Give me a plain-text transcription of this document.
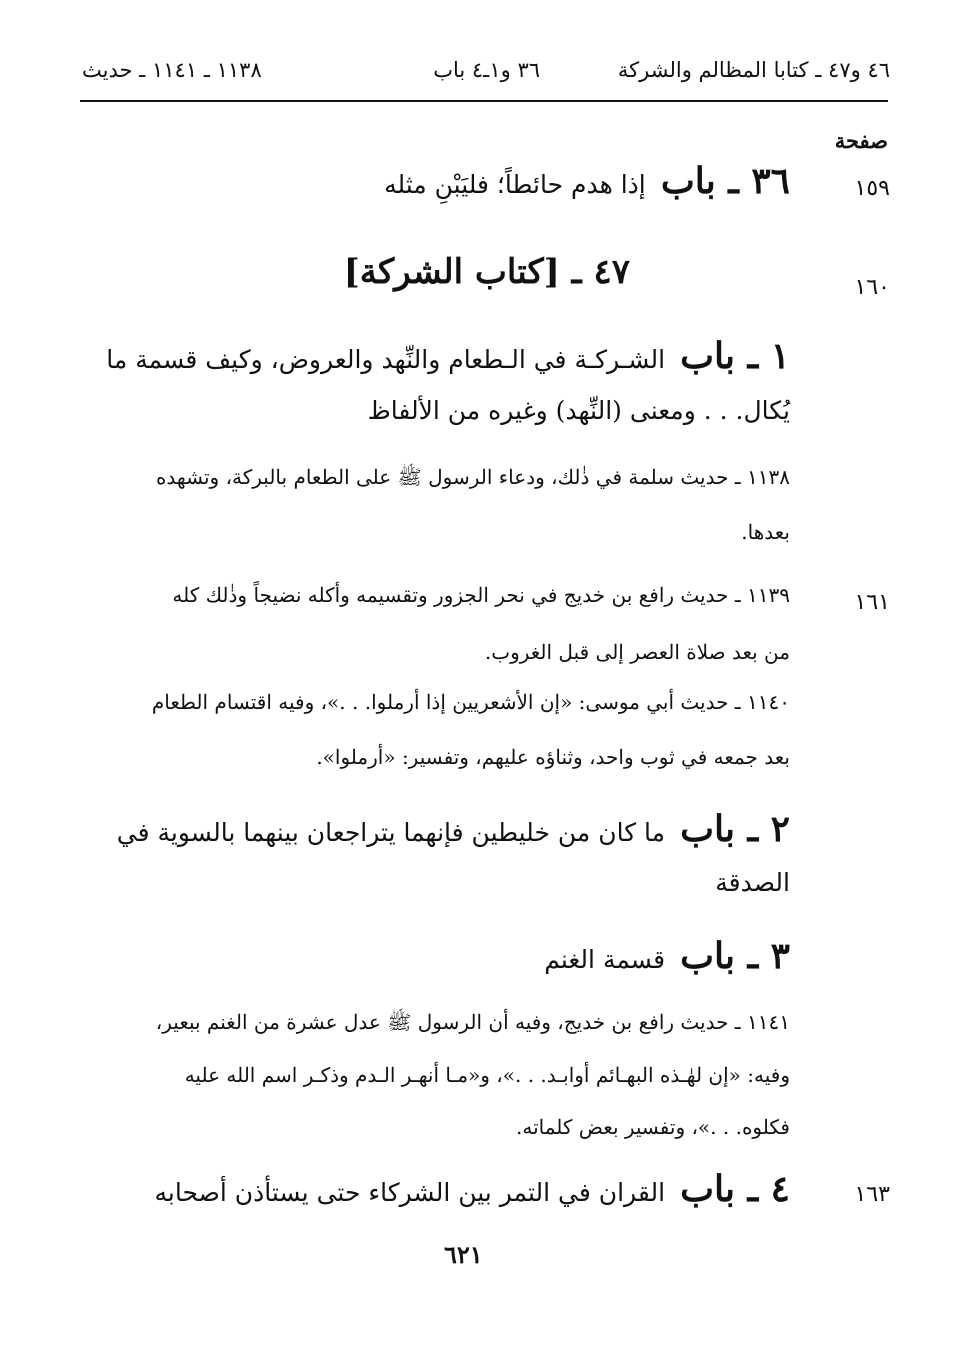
٤٦ و٤٧ ـ كتابا المظالم والشركة
٣٦ و١ـ٤ باب
١١٣٨ ـ ١١٤١ ـ حديث
صفحة
١٥٩
٣٦ ـ باب إذا هدم حائطاً؛ فليَبْنِ مثله
١٦٠
٤٧ ـ [كتاب الشركة]
١ ـ باب الشـركـة في الـطعام والنِّهد والعروض، وكيف قسمة ما
يُكال. . . ومعنى (النِّهد) وغيره من الألفاظ
١١٣٨ ـ حديث سلمة في ذٰلك، ودعاء الرسول ﷺ على الطعام بالبركة، وتشهده
بعدها.
١٦١
١١٣٩ ـ حديث رافع بن خديج في نحر الجزور وتقسيمه وأكله نضيجاً وذٰلك كله
من بعد صلاة العصر إلى قبل الغروب.
١١٤٠ ـ حديث أبي موسى: «إن الأشعريين إذا أرملوا. . .»، وفيه اقتسام الطعام
بعد جمعه في ثوب واحد، وثناؤه عليهم، وتفسير: «أرملوا».
٢ ـ باب ما كان من خليطين فإنهما يتراجعان بينهما بالسوية في
الصدقة
٣ ـ باب قسمة الغنم
١١٤١ ـ حديث رافع بن خديج، وفيه أن الرسول ﷺ عدل عشرة من الغنم ببعير،
وفيه: «إن لهٰـذه البهـائم أوابـد. . .»، و«مـا أنهـر الـدم وذكـر اسم الله عليه
فكلوه. . .»، وتفسير بعض كلماته.
١٦٣
٤ ـ باب القران في التمر بين الشركاء حتى يستأذن أصحابه
٦٢١
